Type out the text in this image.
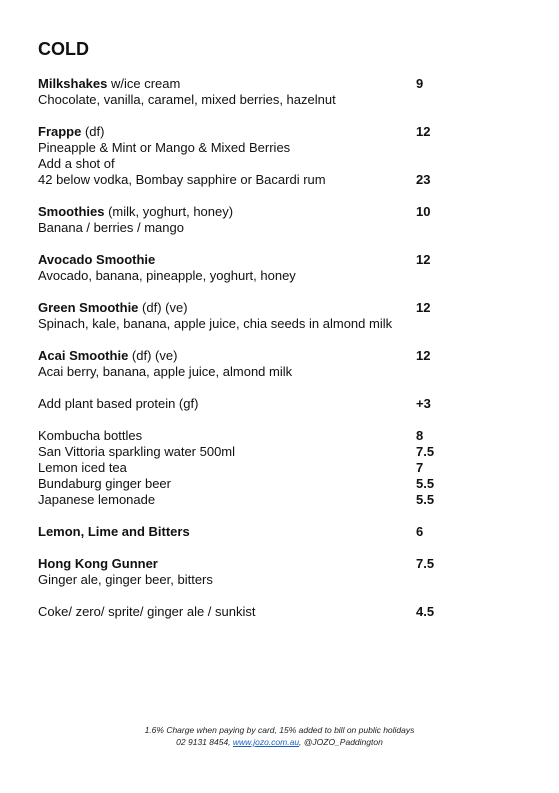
COLD
Milkshakes w/ice cream	9
Chocolate, vanilla, caramel, mixed berries, hazelnut
Frappe (df)	12
Pineapple & Mint or Mango & Mixed Berries
Add a shot of
42 below vodka, Bombay sapphire or Bacardi rum	23
Smoothies (milk, yoghurt, honey)	10
Banana / berries / mango
Avocado Smoothie	12
Avocado, banana, pineapple, yoghurt, honey
Green Smoothie (df) (ve)	12
Spinach, kale, banana, apple juice, chia seeds in almond milk
Acai Smoothie (df) (ve)	12
Acai berry, banana, apple juice, almond milk
Add plant based protein (gf)	+3
Kombucha bottles	8
San Vittoria sparkling water 500ml	7.5
Lemon iced tea	7
Bundaburg ginger beer	5.5
Japanese lemonade	5.5
Lemon, Lime and Bitters	6
Hong Kong Gunner	7.5
Ginger ale, ginger beer, bitters
Coke/ zero/ sprite/ ginger ale / sunkist	4.5
1.6% Charge when paying by card, 15% added to bill on public holidays
02 9131 8454, www.jozo.com.au, @JOZO_Paddington
